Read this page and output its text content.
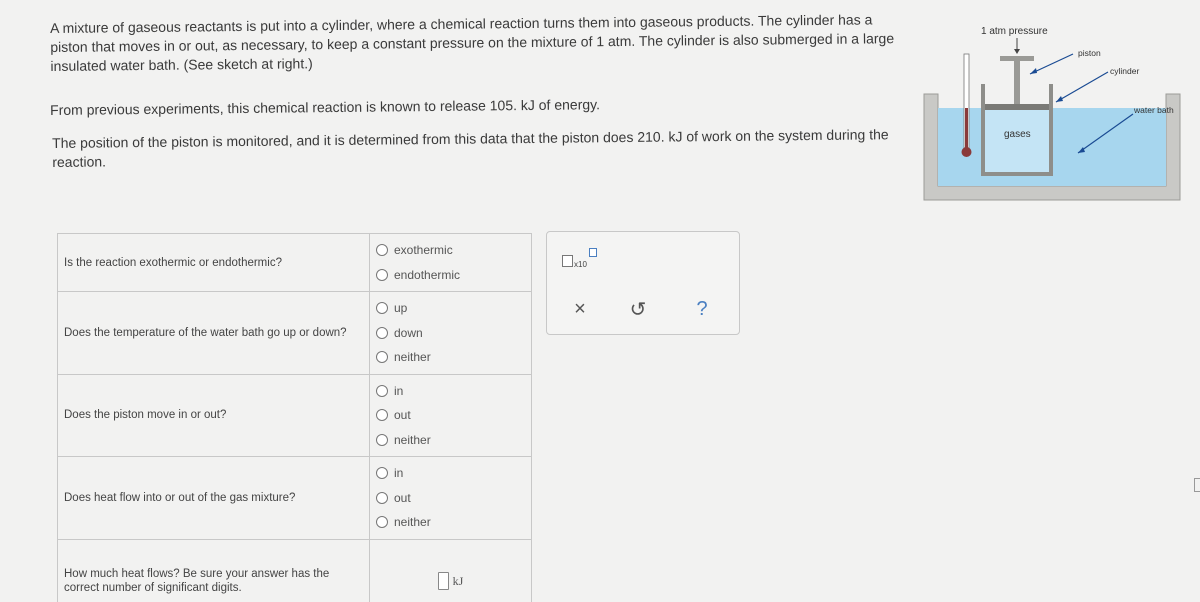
A mixture of gaseous reactants is put into a cylinder, where a chemical reaction turns them into gaseous products. The cylinder has a piston that moves in or out, as necessary, to keep a constant pressure on the mixture of 1 atm. The cylinder is also submerged in a large insulated water bath. (See sketch at right.)

From previous experiments, this chemical reaction is known to release 105. kJ of energy.

The position of the piston is monitored, and it is determined from this data that the piston does 210. kJ of work on the system during the reaction.

1 atm pressure
piston
cylinder
water bath
gases
Is the reaction exothermic or endothermic?	exothermic
endothermic

Does the temperature of the water bath go up or down?	up
down
neither

Does the piston move in or out?	in
out
neither

Does heat flow into or out of the gas mixture?	in
out
neither

How much heat flows? Be sure your answer has the correct number of significant digits.	kJ
x10
×	↺	?
